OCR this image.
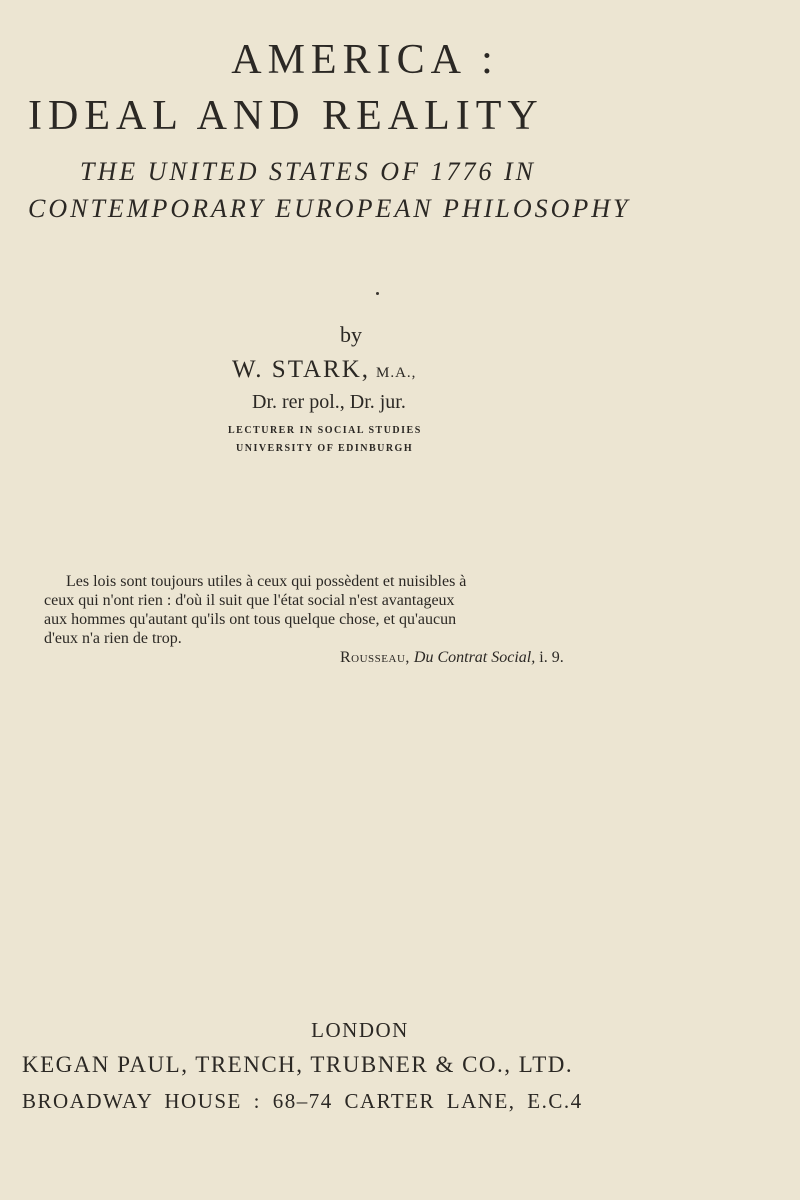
AMERICA :
IDEAL AND REALITY
THE UNITED STATES OF 1776 IN
CONTEMPORARY EUROPEAN PHILOSOPHY
by
W. STARK, M.A.,
Dr. rer pol., Dr. jur.
LECTURER IN SOCIAL STUDIES
UNIVERSITY OF EDINBURGH
Les lois sont toujours utiles à ceux qui possèdent et nuisibles à
ceux qui n'ont rien : d'où il suit que l'état social n'est avantageux
aux hommes qu'autant qu'ils ont tous quelque chose, et qu'aucun
d'eux n'a rien de trop.
Rousseau, Du Contrat Social, i. 9.
LONDON
KEGAN PAUL, TRENCH, TRUBNER & CO., LTD.
BROADWAY HOUSE : 68–74 CARTER LANE, E.C.4
